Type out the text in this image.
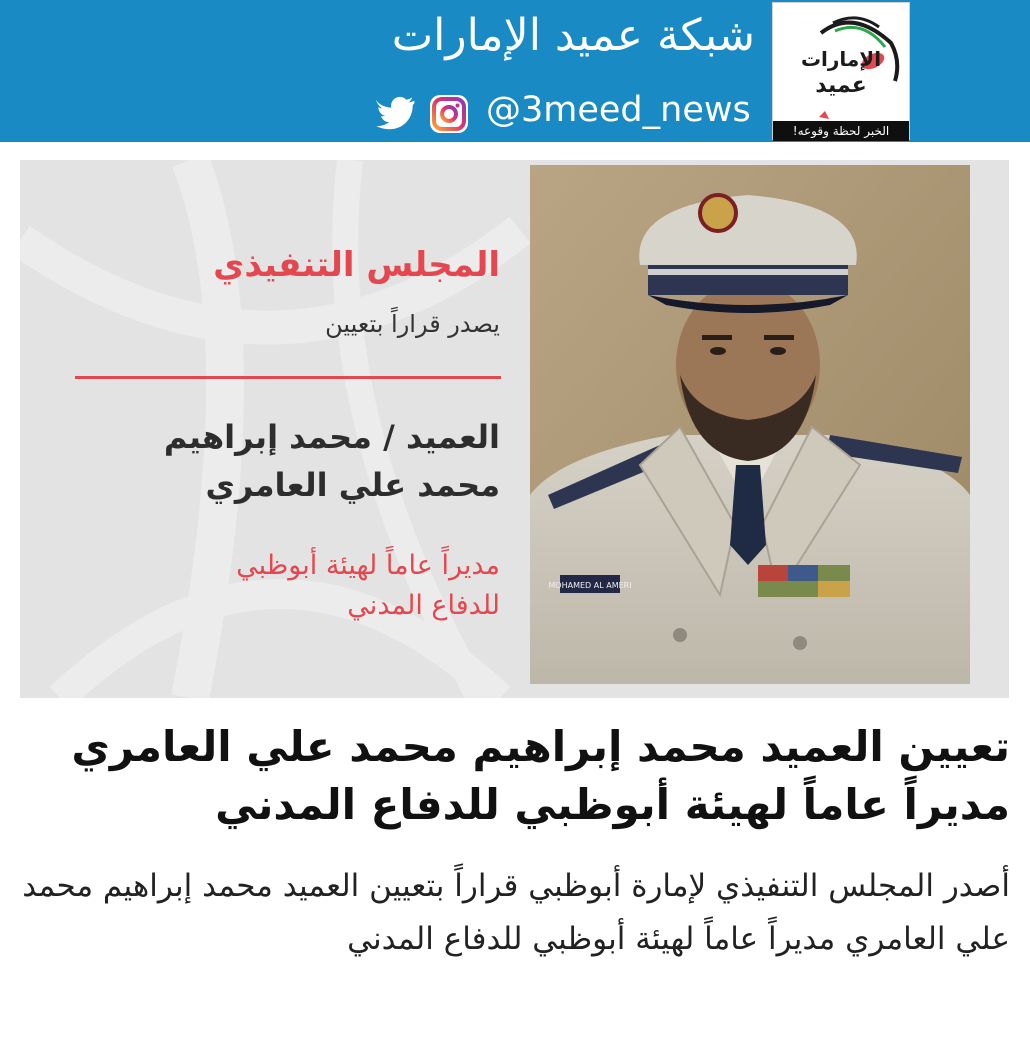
الإمارات
عميد
الخبر لحظة وقوعه!
شبكة عميد الإمارات
@3meed_news
المجلس التنفيذي
يصدر قراراً بتعيين
العميد / محمد إبراهيم
محمد علي العامري
مديراً عاماً لهيئة أبوظبي
للدفاع المدني
MOHAMED AL AMERI
تعيين العميد محمد إبراهيم محمد علي العامري مديراً عاماً لهيئة أبوظبي للدفاع المدني
أصدر المجلس التنفيذي لإمارة أبوظبي قراراً بتعيين العميد محمد إبراهيم محمد علي العامري مديراً عاماً لهيئة أبوظبي للدفاع المدني
